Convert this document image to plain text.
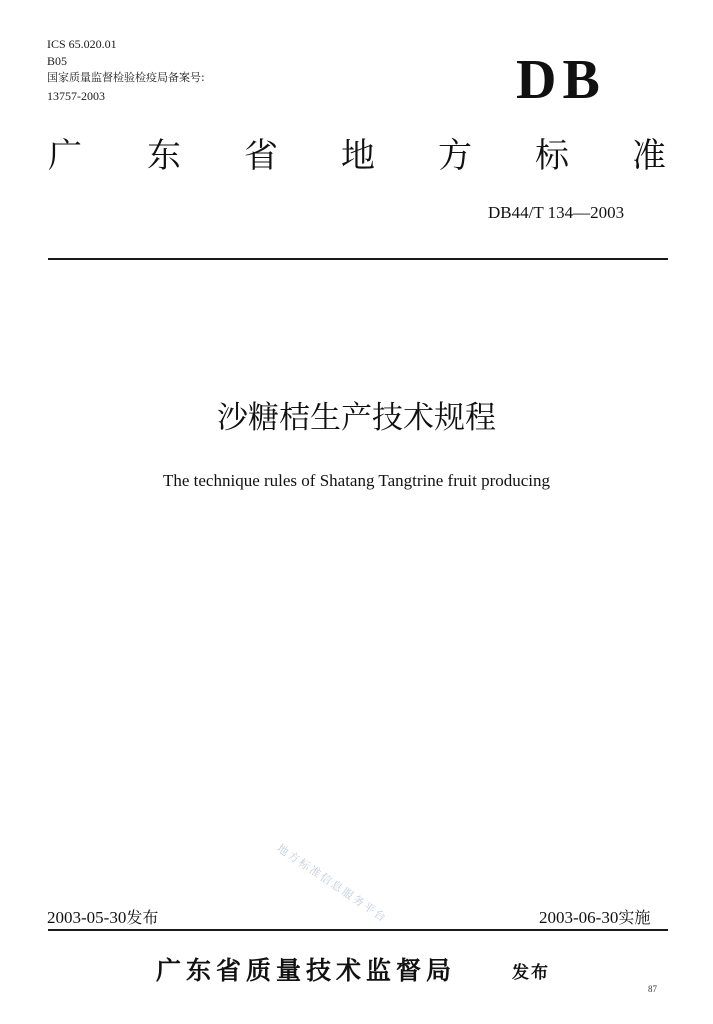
ICS 65.020.01
B05
国家质量监督检验检疫局备案号:
13757-2003	DB
广 东 省 地 方 标 准
DB44/T 134—2003
沙糖桔生产技术规程
The technique rules of Shatang Tangtrine fruit producing
地方标准信息服务平台
2003-05-30发布	2003-06-30实施
广东省质量技术监督局	发布
87
